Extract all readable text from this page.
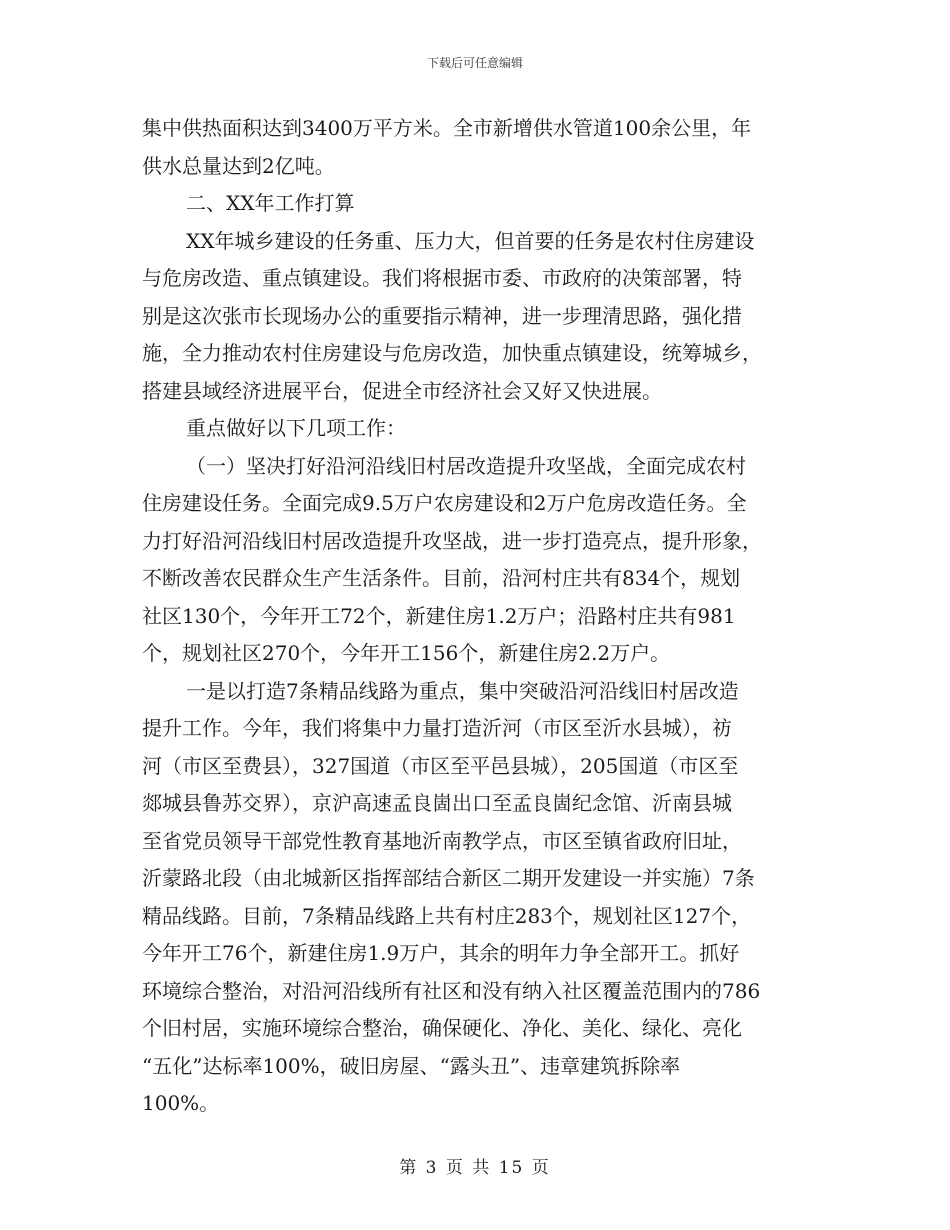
下载后可任意编辑
集中供热面积达到3400万平方米。全市新增供水管道100余公里，年
供水总量达到2亿吨。
二、XX年工作打算
XX年城乡建设的任务重、压力大，但首要的任务是农村住房建设
与危房改造、重点镇建设。我们将根据市委、市政府的决策部署，特
别是这次张市长现场办公的重要指示精神，进一步理清思路，强化措
施，全力推动农村住房建设与危房改造，加快重点镇建设，统筹城乡，
搭建县域经济进展平台，促进全市经济社会又好又快进展。
重点做好以下几项工作：
（一）坚决打好沿河沿线旧村居改造提升攻坚战，全面完成农村
住房建设任务。全面完成9.5万户农房建设和2万户危房改造任务。全
力打好沿河沿线旧村居改造提升攻坚战，进一步打造亮点，提升形象，
不断改善农民群众生产生活条件。目前，沿河村庄共有834个，规划
社区130个，今年开工72个，新建住房1.2万户；沿路村庄共有981
个，规划社区270个，今年开工156个，新建住房2.2万户。
一是以打造7条精品线路为重点，集中突破沿河沿线旧村居改造
提升工作。今年，我们将集中力量打造沂河（市区至沂水县城），祊
河（市区至费县），327国道（市区至平邑县城），205国道（市区至
郯城县鲁苏交界），京沪高速孟良崮出口至孟良崮纪念馆、沂南县城
至省党员领导干部党性教育基地沂南教学点，市区至镇省政府旧址，
沂蒙路北段（由北城新区指挥部结合新区二期开发建设一并实施）7条
精品线路。目前，7条精品线路上共有村庄283个，规划社区127个，
今年开工76个，新建住房1.9万户，其余的明年力争全部开工。抓好
环境综合整治，对沿河沿线所有社区和没有纳入社区覆盖范围内的786
个旧村居，实施环境综合整治，确保硬化、净化、美化、绿化、亮化
“五化”达标率100%，破旧房屋、“露头丑”、违章建筑拆除率
100%。
第 3 页 共 15 页
